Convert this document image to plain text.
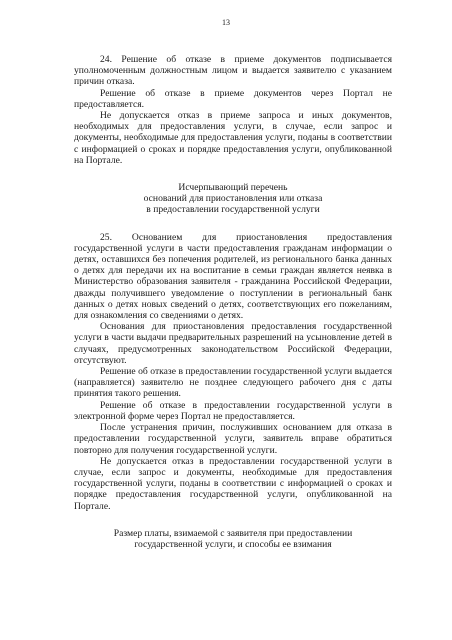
13

24. Решение об отказе в приеме документов подписывается уполномоченным должностным лицом и выдается заявителю с указанием причин отказа.

Решение об отказе в приеме документов через Портал не предоставляется.

Не допускается отказ в приеме запроса и иных документов, необходимых для предоставления услуги, в случае, если запрос и документы, необходимые для предоставления услуги, поданы в соответствии с информацией о сроках и порядке предоставления услуги, опубликованной на Портале.

Исчерпывающий перечень

оснований для приостановления или отказа

в предоставлении государственной услуги

25. Основанием для приостановления предоставления государственной услуги в части предоставления гражданам информации о детях, оставшихся без попечения родителей, из регионального банка данных о детях для передачи их на воспитание в семьи граждан является неявка в Министерство образования заявителя - гражданина Российской Федерации, дважды получившего уведомление о поступлении в региональный банк данных о детях новых сведений о детях, соответствующих его пожеланиям, для ознакомления со сведениями о детях.

Основания для приостановления предоставления государственной услуги в части выдачи предварительных разрешений на усыновление детей в случаях, предусмотренных законодательством Российской Федерации, отсутствуют.

Решение об отказе в предоставлении государственной услуги выдается (направляется) заявителю не позднее следующего рабочего дня с даты принятия такого решения.

Решение об отказе в предоставлении государственной услуги в электронной форме через Портал не предоставляется.

После устранения причин, послуживших основанием для отказа в предоставлении государственной услуги, заявитель вправе обратиться повторно для получения государственной услуги.

Не допускается отказ в предоставлении государственной услуги в случае, если запрос и документы, необходимые для предоставления государственной услуги, поданы в соответствии с информацией о сроках и порядке предоставления государственной услуги, опубликованной на Портале.

Размер платы, взимаемой с заявителя при предоставлении

государственной услуги, и способы ее взимания
